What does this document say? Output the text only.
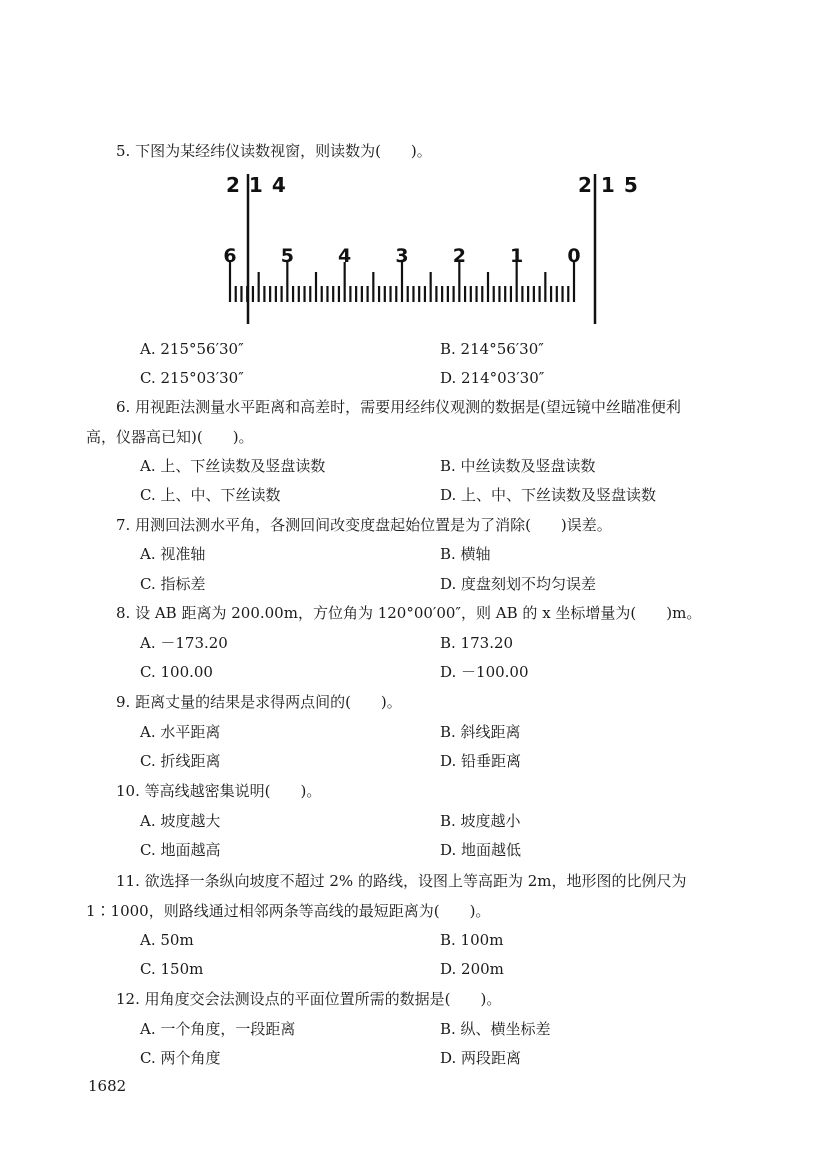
5. 下图为某经纬仪读数视窗，则读数为(　　)。
214	215
6 5 4 3 2 1 0
A. 215°56′30″	B. 214°56′30″
C. 215°03′30″	D. 214°03′30″
6. 用视距法测量水平距离和高差时，需要用经纬仪观测的数据是(望远镜中丝瞄准便利
高，仪器高已知)(　　)。
A. 上、下丝读数及竖盘读数	B. 中丝读数及竖盘读数
C. 上、中、下丝读数	D. 上、中、下丝读数及竖盘读数
7. 用测回法测水平角，各测回间改变度盘起始位置是为了消除(　　)误差。
A. 视准轴	B. 横轴
C. 指标差	D. 度盘刻划不均匀误差
8. 设 AB 距离为 200.00m，方位角为 120°00′00″，则 AB 的 x 坐标增量为(　　)m。
A. －173.20	B. 173.20
C. 100.00	D. －100.00
9. 距离丈量的结果是求得两点间的(　　)。
A. 水平距离	B. 斜线距离
C. 折线距离	D. 铅垂距离
10. 等高线越密集说明(　　)。
A. 坡度越大	B. 坡度越小
C. 地面越高	D. 地面越低
11. 欲选择一条纵向坡度不超过 2% 的路线，设图上等高距为 2m，地形图的比例尺为
1∶1000，则路线通过相邻两条等高线的最短距离为(　　)。
A. 50m	B. 100m
C. 150m	D. 200m
12. 用角度交会法测设点的平面位置所需的数据是(　　)。
A. 一个角度，一段距离	B. 纵、横坐标差
C. 两个角度	D. 两段距离
1682
